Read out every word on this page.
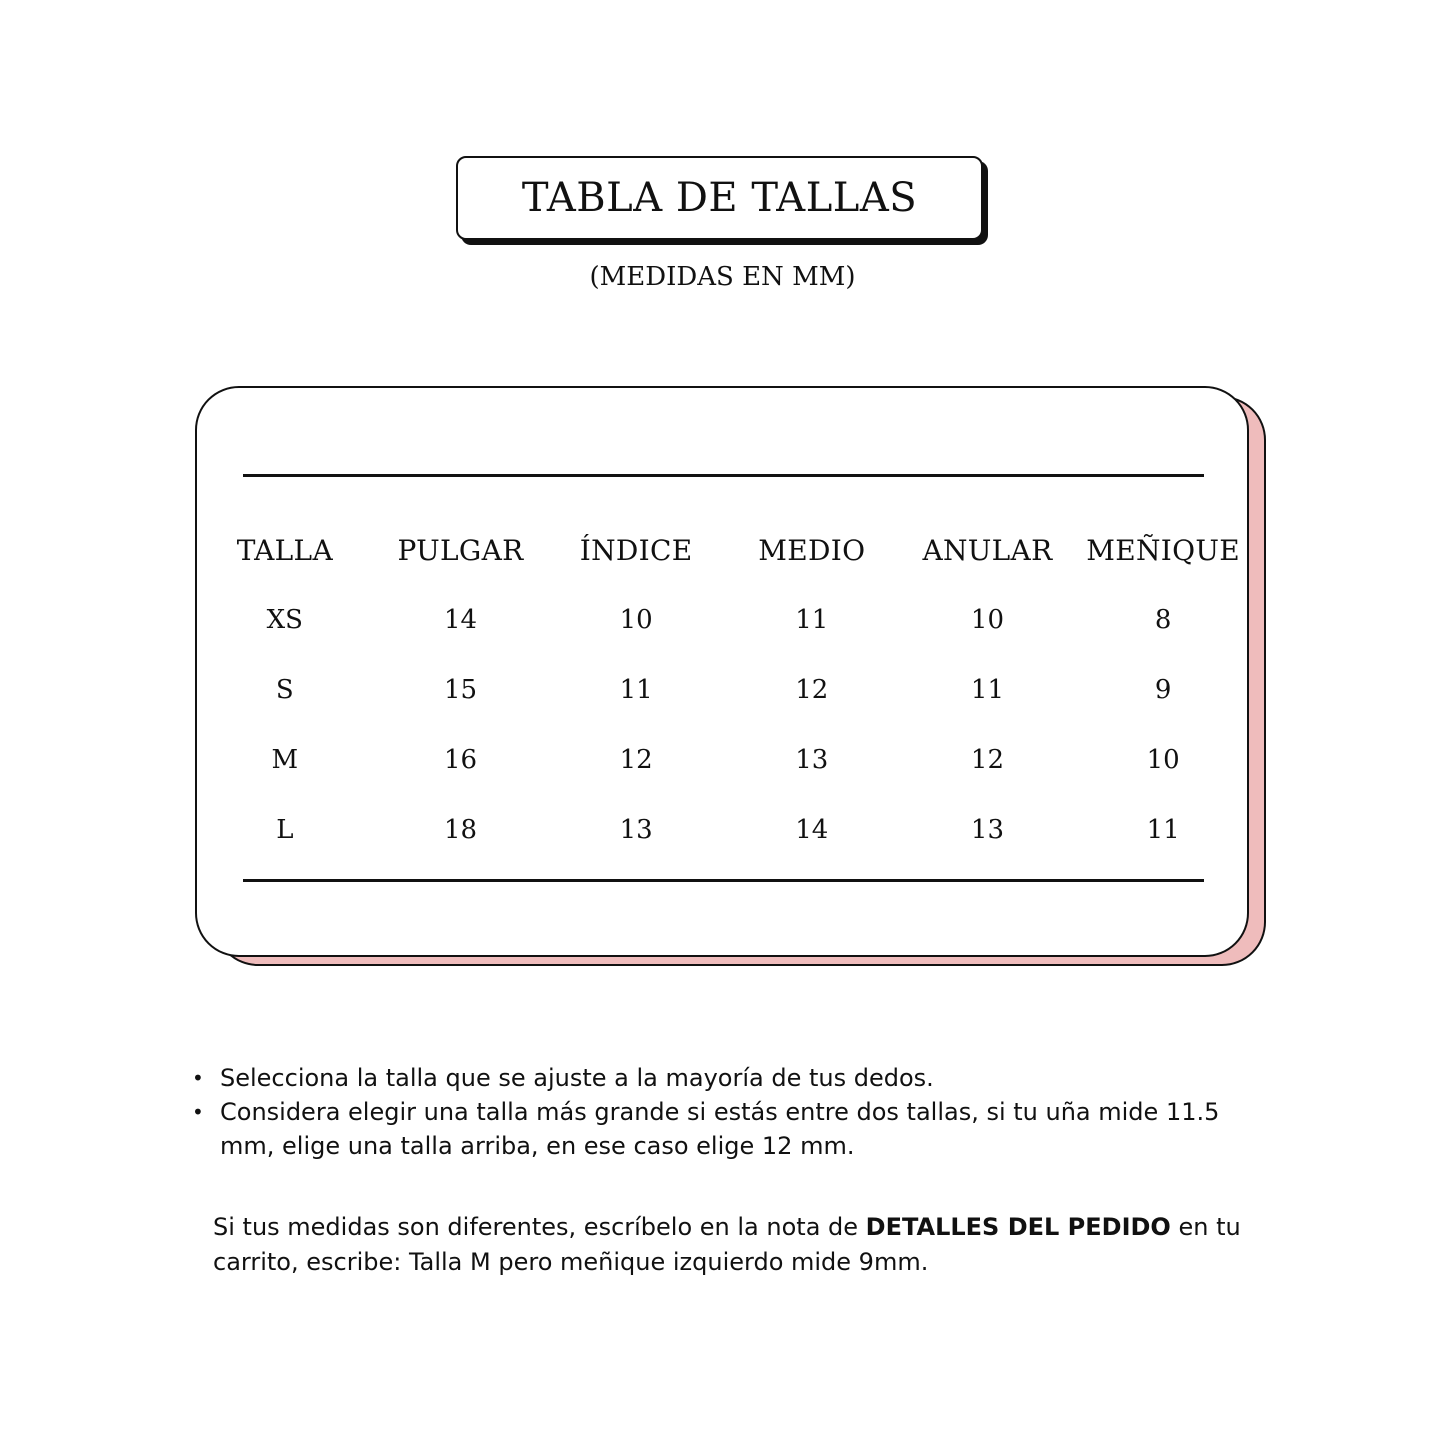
TABLA DE TALLAS
(MEDIDAS EN MM)
TALLA	PULGAR	ÍNDICE	MEDIO	ANULAR	MEÑIQUE
XS	14	10	11	10	8
S	15	11	12	11	9
M	16	12	13	12	10
L	18	13	14	13	11
• Selecciona la talla que se ajuste a la mayoría de tus dedos.
• Considera elegir una talla más grande si estás entre dos tallas, si tu uña mide 11.5 mm, elige una talla arriba, en ese caso elige 12 mm.

Si tus medidas son diferentes, escríbelo en la nota de DETALLES DEL PEDIDO en tu carrito, escribe: Talla M pero meñique izquierdo mide 9mm.
